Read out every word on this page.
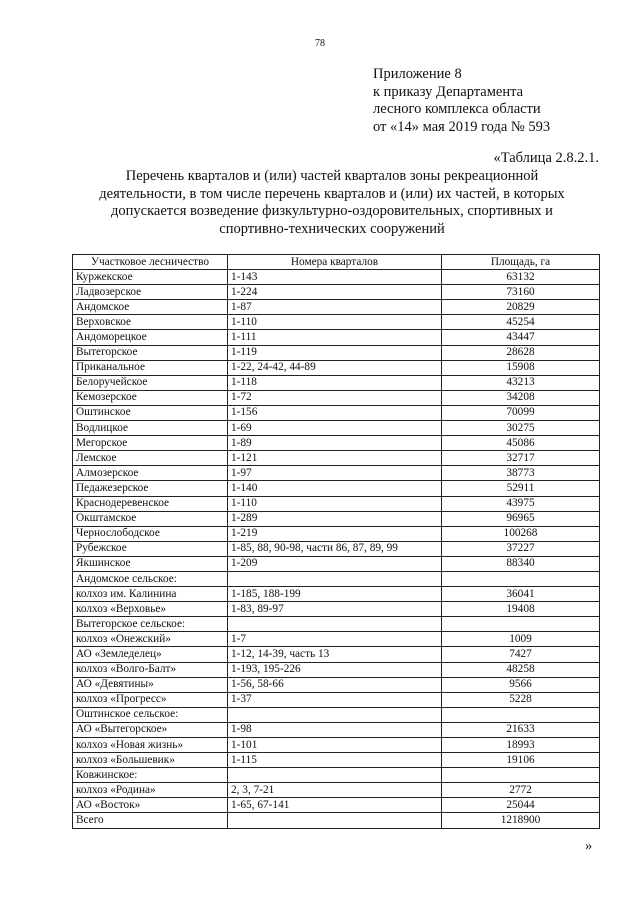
78
Приложение 8
к приказу Департамента
лесного комплекса области
от «14» мая 2019 года № 593
«Таблица 2.8.2.1.
Перечень кварталов и (или) частей кварталов зоны рекреационной
деятельности, в том числе перечень кварталов и (или) их частей, в которых
допускается возведение физкультурно-оздоровительных, спортивных и
спортивно-технических сооружений
Участковое лесничество	Номера кварталов	Площадь, га
Куржекское	1-143	63132
Ладвозерское	1-224	73160
Андомское	1-87	20829
Верховское	1-110	45254
Андоморецкое	1-111	43447
Вытегорское	1-119	28628
Приканальное	1-22, 24-42, 44-89	15908
Белоручейское	1-118	43213
Кемозерское	1-72	34208
Оштинское	1-156	70099
Водлицкое	1-69	30275
Мегорское	1-89	45086
Лемское	1-121	32717
Алмозерское	1-97	38773
Педажезерское	1-140	52911
Краснодеревенское	1-110	43975
Окштамское	1-289	96965
Чернослободское	1-219	100268
Рубежское	1-85, 88, 90-98, части 86, 87, 89, 99	37227
Якшинское	1-209	88340
Андомское сельское:		
колхоз им. Калинина	1-185, 188-199	36041
колхоз «Верховье»	1-83, 89-97	19408
Вытегорское сельское:		
колхоз «Онежский»	1-7	1009
АО «Земледелец»	1-12, 14-39, часть 13	7427
колхоз «Волго-Балт»	1-193, 195-226	48258
АО «Девятины»	1-56, 58-66	9566
колхоз «Прогресс»	1-37	5228
Оштинское сельское:		
АО «Вытегорское»	1-98	21633
колхоз «Новая жизнь»	1-101	18993
колхоз «Большевик»	1-115	19106
Ковжинское:		
колхоз «Родина»	2, 3, 7-21	2772
АО «Восток»	1-65, 67-141	25044
Всего		1218900
»
